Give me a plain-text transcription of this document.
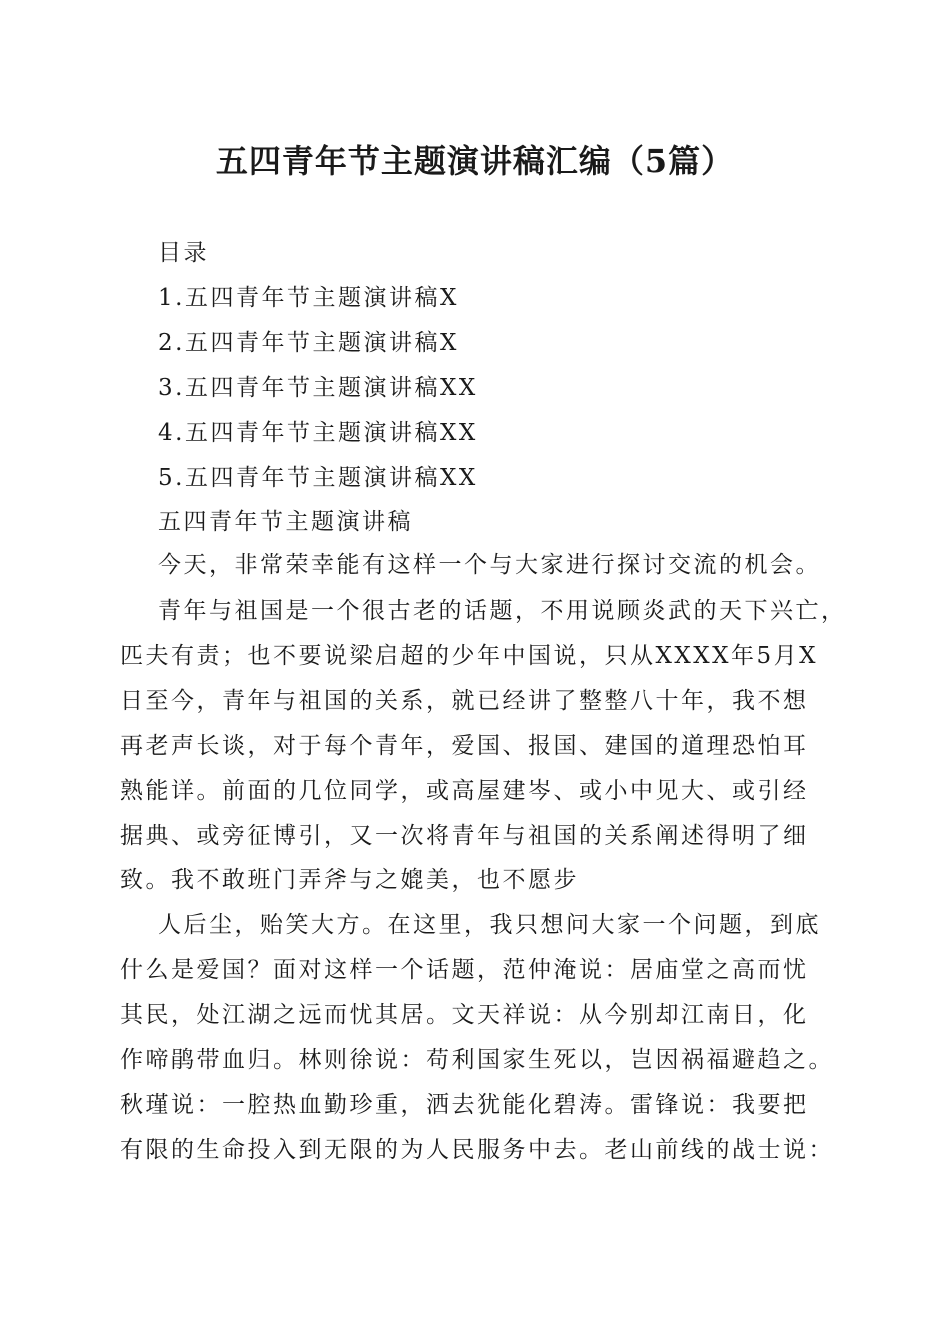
五四青年节主题演讲稿汇编（5篇）
目录
1.五四青年节主题演讲稿X
2.五四青年节主题演讲稿X
3.五四青年节主题演讲稿XX
4.五四青年节主题演讲稿XX
5.五四青年节主题演讲稿XX
五四青年节主题演讲稿
今天，非常荣幸能有这样一个与大家进行探讨交流的机会。
青年与祖国是一个很古老的话题，不用说顾炎武的天下兴亡，
匹夫有责；也不要说梁启超的少年中国说，只从XXXX年5月X
日至今，青年与祖国的关系，就已经讲了整整八十年，我不想
再老声长谈，对于每个青年，爱国、报国、建国的道理恐怕耳
熟能详。前面的几位同学，或高屋建岑、或小中见大、或引经
据典、或旁征博引，又一次将青年与祖国的关系阐述得明了细
致。我不敢班门弄斧与之媲美，也不愿步
人后尘，贻笑大方。在这里，我只想问大家一个问题，到底
什么是爱国？面对这样一个话题，范仲淹说：居庙堂之高而忧
其民，处江湖之远而忧其居。文天祥说：从今别却江南日，化
作啼鹃带血归。林则徐说：苟利国家生死以，岂因祸福避趋之。
秋瑾说：一腔热血勤珍重，洒去犹能化碧涛。雷锋说：我要把
有限的生命投入到无限的为人民服务中去。老山前线的战士说：
